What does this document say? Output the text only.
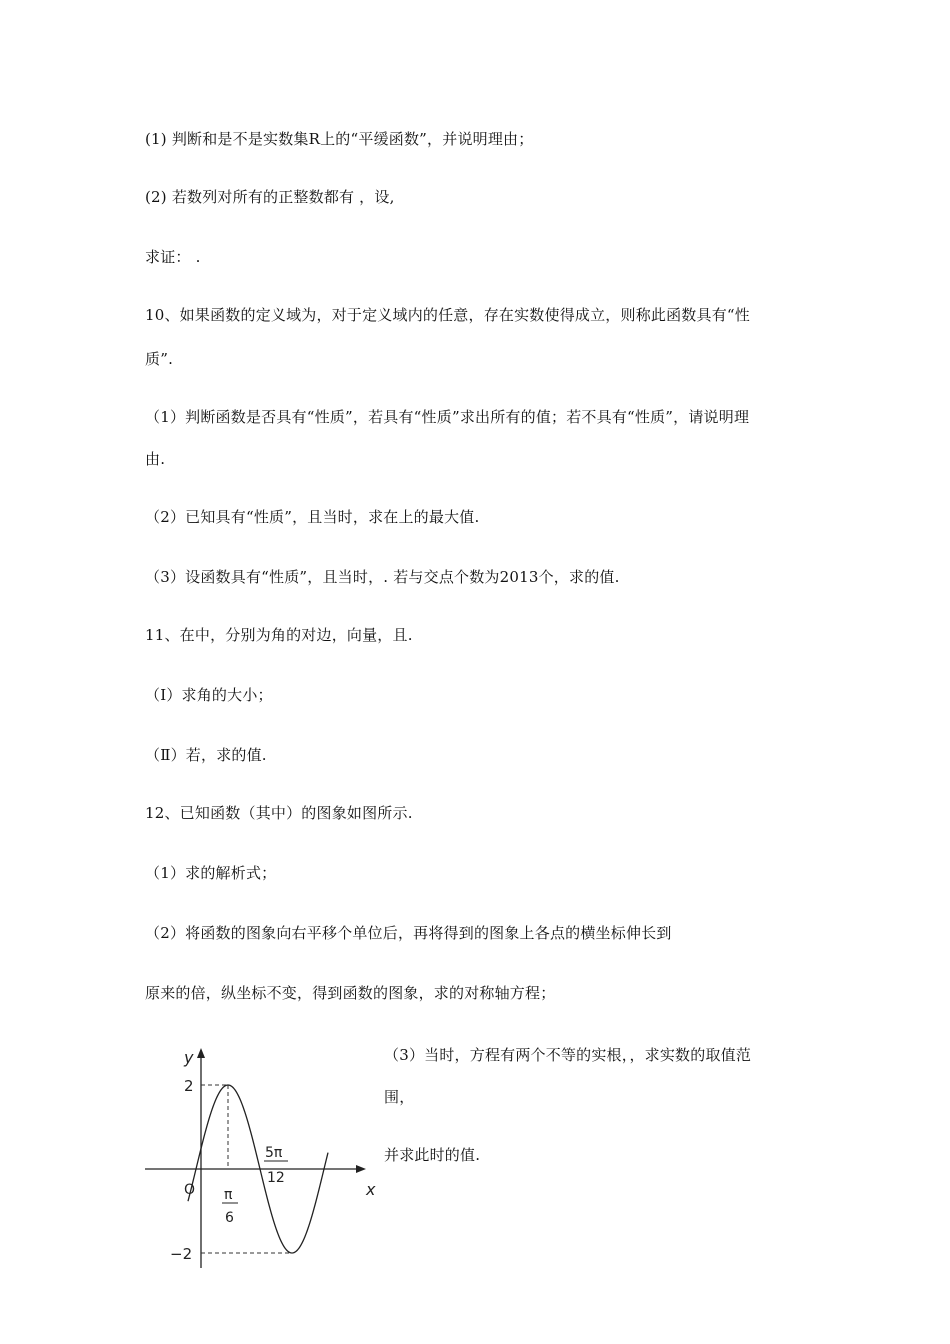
(1) 判断和是不是实数集R上的“平缓函数”，并说明理由；
(2) 若数列对所有的正整数都有 ，设,
求证： .
10、如果函数的定义域为，对于定义域内的任意，存在实数使得成立，则称此函数具有“性
质”.
（1）判断函数是否具有“性质”，若具有“性质”求出所有的值；若不具有“性质”，请说明理
由.
（2）已知具有“性质”，且当时，求在上的最大值.
（3）设函数具有“性质”，且当时，. 若与交点个数为2013个，求的值.
11、在中，分别为角的对边，向量，且.
（Ⅰ）求角的大小；
（Ⅱ）若，求的值.
12、已知函数（其中）的图象如图所示.
（1）求的解析式；
（2）将函数的图象向右平移个单位后，再将得到的图象上各点的横坐标伸长到
原来的倍，纵坐标不变，得到函数的图象，求的对称轴方程；
（3）当时，方程有两个不等的实根，，求实数的取值范
围，
并求此时的值.
y
x
O
2
−2
π
6
5π
12
